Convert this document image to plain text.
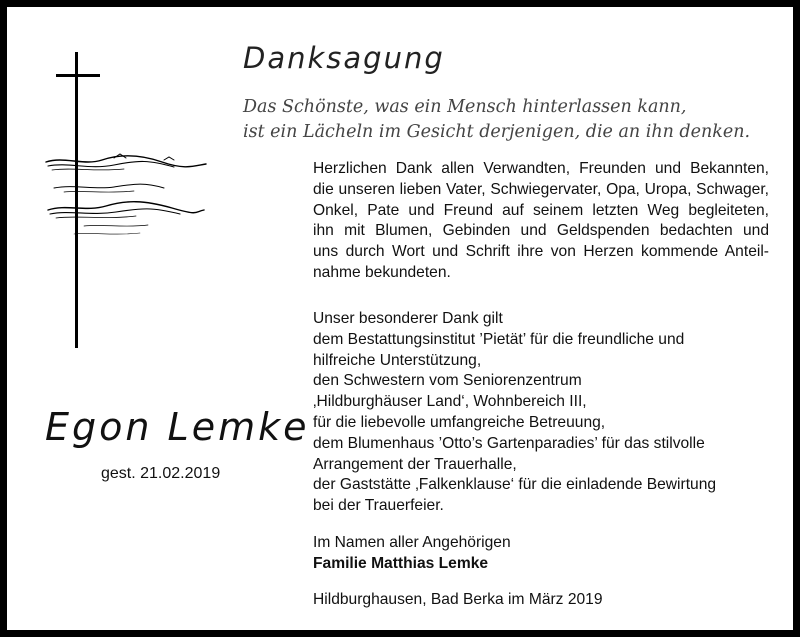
Danksagung
Das Schönste, was ein Mensch hinterlassen kann,
ist ein Lächeln im Gesicht derjenigen, die an ihn denken.
Egon Lemke
gest. 21.02.2019
Herzlichen Dank allen Verwandten, Freunden und Bekannten,
die unseren lieben Vater, Schwiegervater, Opa, Uropa, Schwager,
Onkel, Pate und Freund auf seinem letzten Weg begleiteten,
ihn mit Blumen, Gebinden und Geldspenden bedachten und
uns durch Wort und Schrift ihre von Herzen kommende Anteil-
nahme bekundeten.
Unser besonderer Dank gilt
dem Bestattungsinstitut ’Pietät’ für die freundliche und
hilfreiche Unterstützung,
den Schwestern vom Seniorenzentrum
‚Hildburghäuser Land‘, Wohnbereich III,
für die liebevolle umfangreiche Betreuung,
dem Blumenhaus ’Otto’s Gartenparadies’ für das stilvolle
Arrangement der Trauerhalle,
der Gaststätte ‚Falkenklause‘ für die einladende Bewirtung
bei der Trauerfeier.
Im Namen aller Angehörigen
Familie Matthias Lemke
Hildburghausen, Bad Berka im März 2019
